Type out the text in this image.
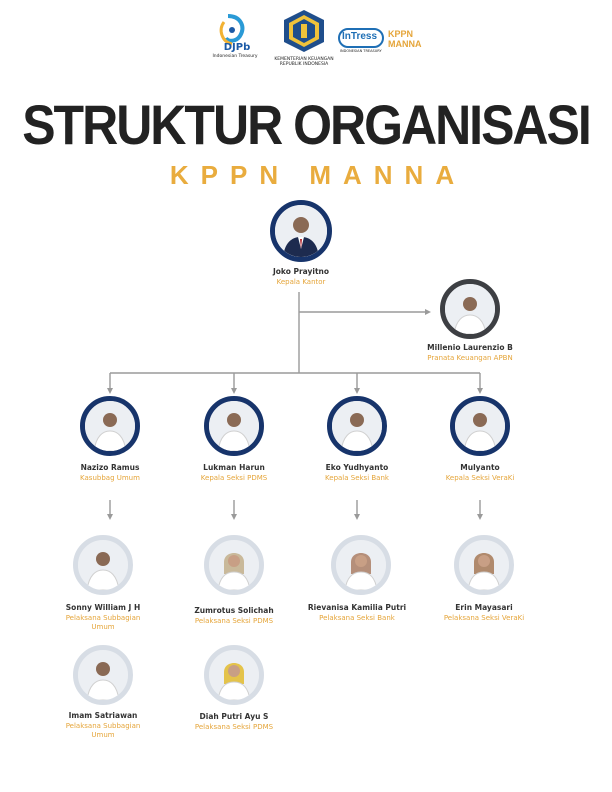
DJPb
Indonesian Treasury
KEMENTERIAN KEUANGAN
REPUBLIK INDONESIA
InTress
INDONESIAN TREASURY
KPPN
MANNA
STRUKTUR ORGANISASI
KPPN MANNA
Joko Prayitno
Kepala Kantor
Millenio Laurenzio B
Pranata Keuangan APBN
Nazizo Ramus
Kasubbag Umum
Lukman Harun
Kepala Seksi PDMS
Eko Yudhyanto
Kepala Seksi Bank
Mulyanto
Kepala Seksi VeraKi
Sonny William J H
Pelaksana Subbagian Umum
Zumrotus Solichah
Pelaksana Seksi PDMS
Rievanisa Kamilia Putri
Pelaksana Seksi Bank
Erin Mayasari
Pelaksana Seksi VeraKi
Imam Satriawan
Pelaksana Subbagian Umum
Diah Putri Ayu S
Pelaksana Seksi PDMS
